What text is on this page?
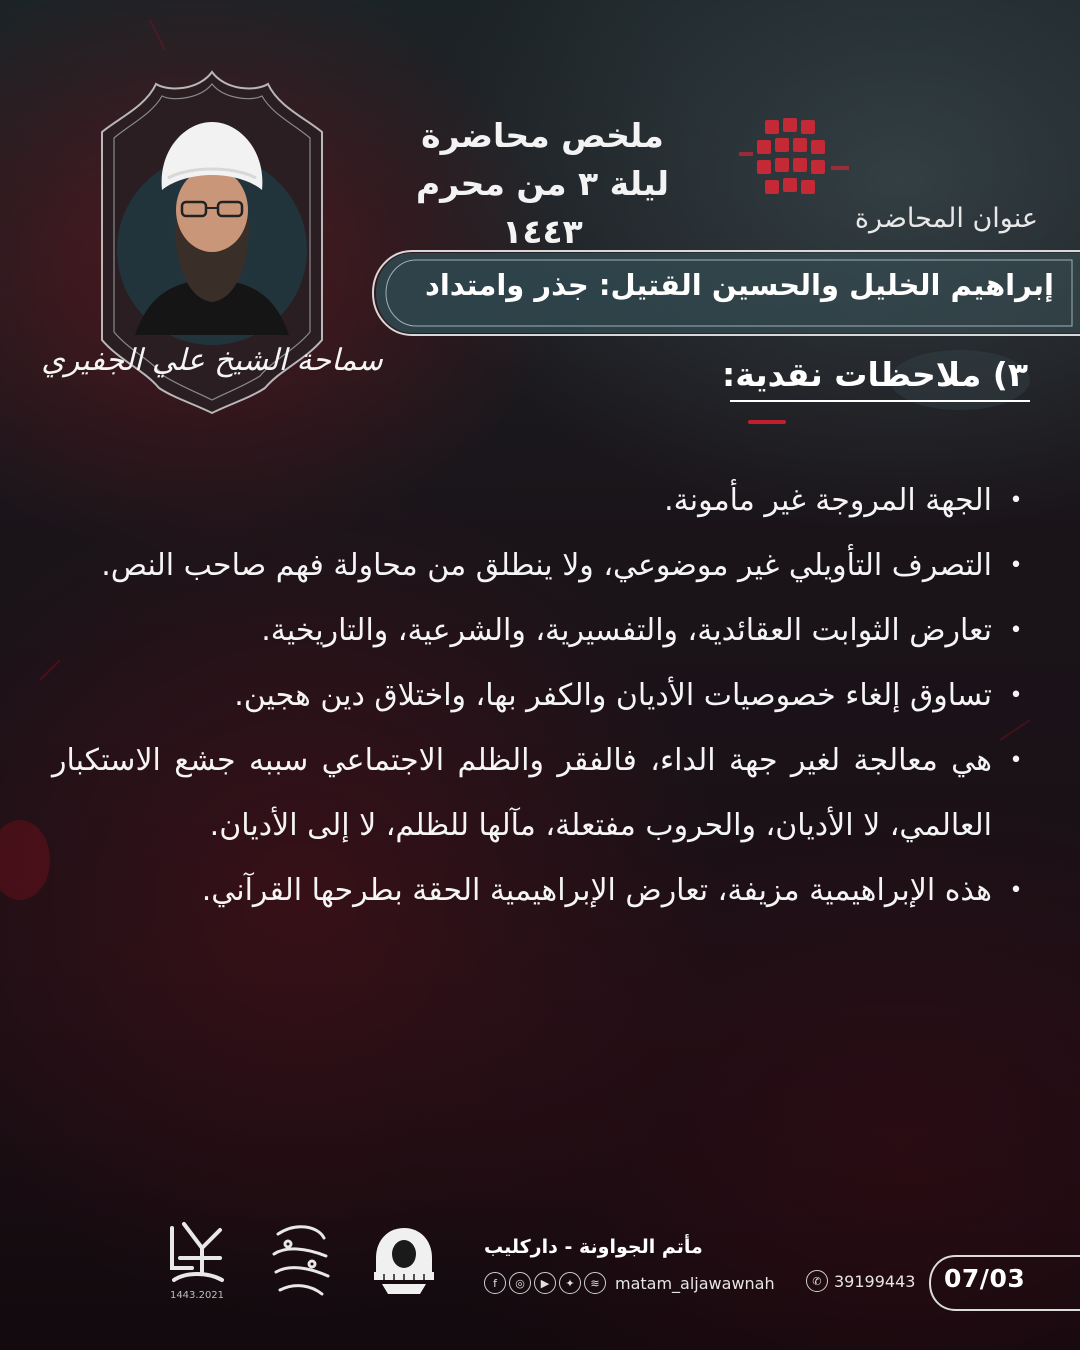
ملخص محاضرة
ليلة ٣ من محرم ١٤٤٣
سماحة الشيخ علي الجفيري
عنوان المحاضرة
إبراهيم الخليل والحسين القتيل: جذر وامتداد
٣) ملاحظات نقدية:
•
الجهة المروجة غير مأمونة.
•
التصرف التأويلي غير موضوعي، ولا ينطلق من محاولة فهم صاحب النص.
•
تعارض الثوابت العقائدية، والتفسيرية، والشرعية، والتاريخية.
•
تساوق إلغاء خصوصيات الأديان والكفر بها، واختلاق دين هجين.
•
هي معالجة لغير جهة الداء، فالفقر والظلم الاجتماعي سببه جشع الاستكبار العالمي، لا الأديان، والحروب مفتعلة، مآلها للظلم، لا إلى الأديان.
•
هذه الإبراهيمية مزيفة، تعارض الإبراهيمية الحقة بطرحها القرآني.
1443.2021
مأتم الجواونة - داركليب
f	◎	▶	✦	≋ matam_aljawawnah	✆ 39199443 07/03
